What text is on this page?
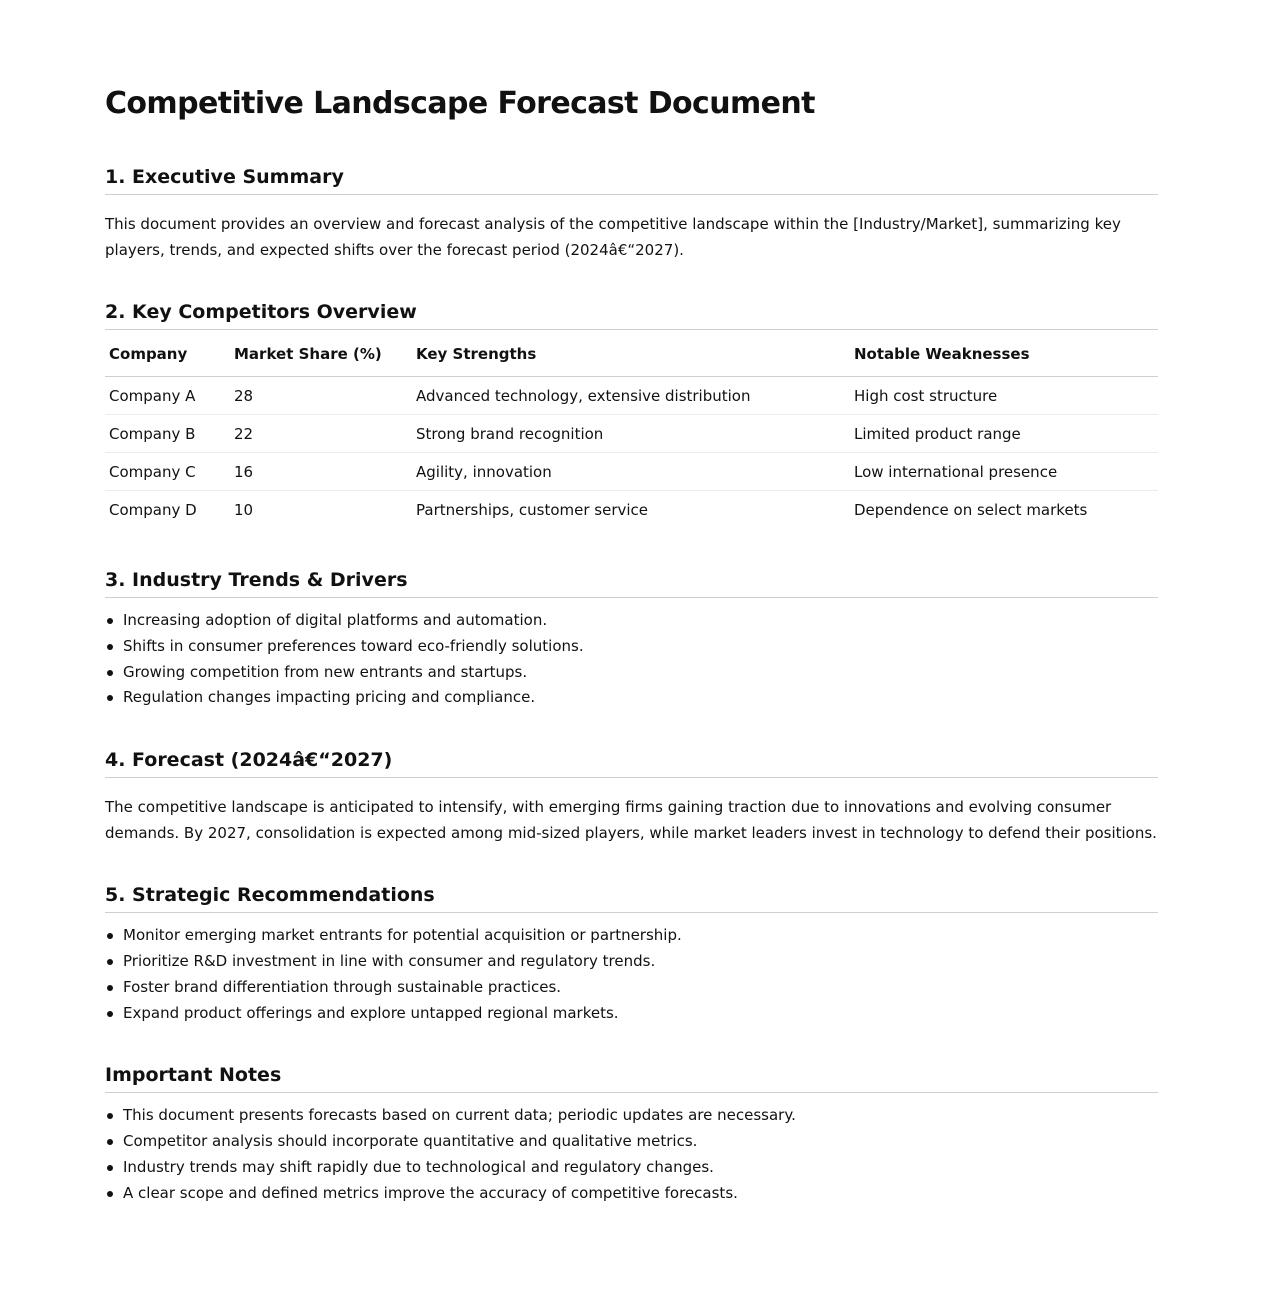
Competitive Landscape Forecast Document
1. Executive Summary

This document provides an overview and forecast analysis of the competitive landscape within the [Industry/Market], summarizing key players, trends, and expected shifts over the forecast period (2024â€“2027).

2. Key Competitors Overview
Company	Market Share (%)	Key Strengths	Notable Weaknesses
Company A	28	Advanced technology, extensive distribution	High cost structure
Company B	22	Strong brand recognition	Limited product range
Company C	16	Agility, innovation	Low international presence
Company D	10	Partnerships, customer service	Dependence on select markets
3. Industry Trends & Drivers
Increasing adoption of digital platforms and automation.
Shifts in consumer preferences toward eco-friendly solutions.
Growing competition from new entrants and startups.
Regulation changes impacting pricing and compliance.
4. Forecast (2024â€“2027)

The competitive landscape is anticipated to intensify, with emerging firms gaining traction due to innovations and evolving consumer demands. By 2027, consolidation is expected among mid-sized players, while market leaders invest in technology to defend their positions.

5. Strategic Recommendations
Monitor emerging market entrants for potential acquisition or partnership.
Prioritize R&D investment in line with consumer and regulatory trends.
Foster brand differentiation through sustainable practices.
Expand product offerings and explore untapped regional markets.
Important Notes
This document presents forecasts based on current data; periodic updates are necessary.
Competitor analysis should incorporate quantitative and qualitative metrics.
Industry trends may shift rapidly due to technological and regulatory changes.
A clear scope and defined metrics improve the accuracy of competitive forecasts.
